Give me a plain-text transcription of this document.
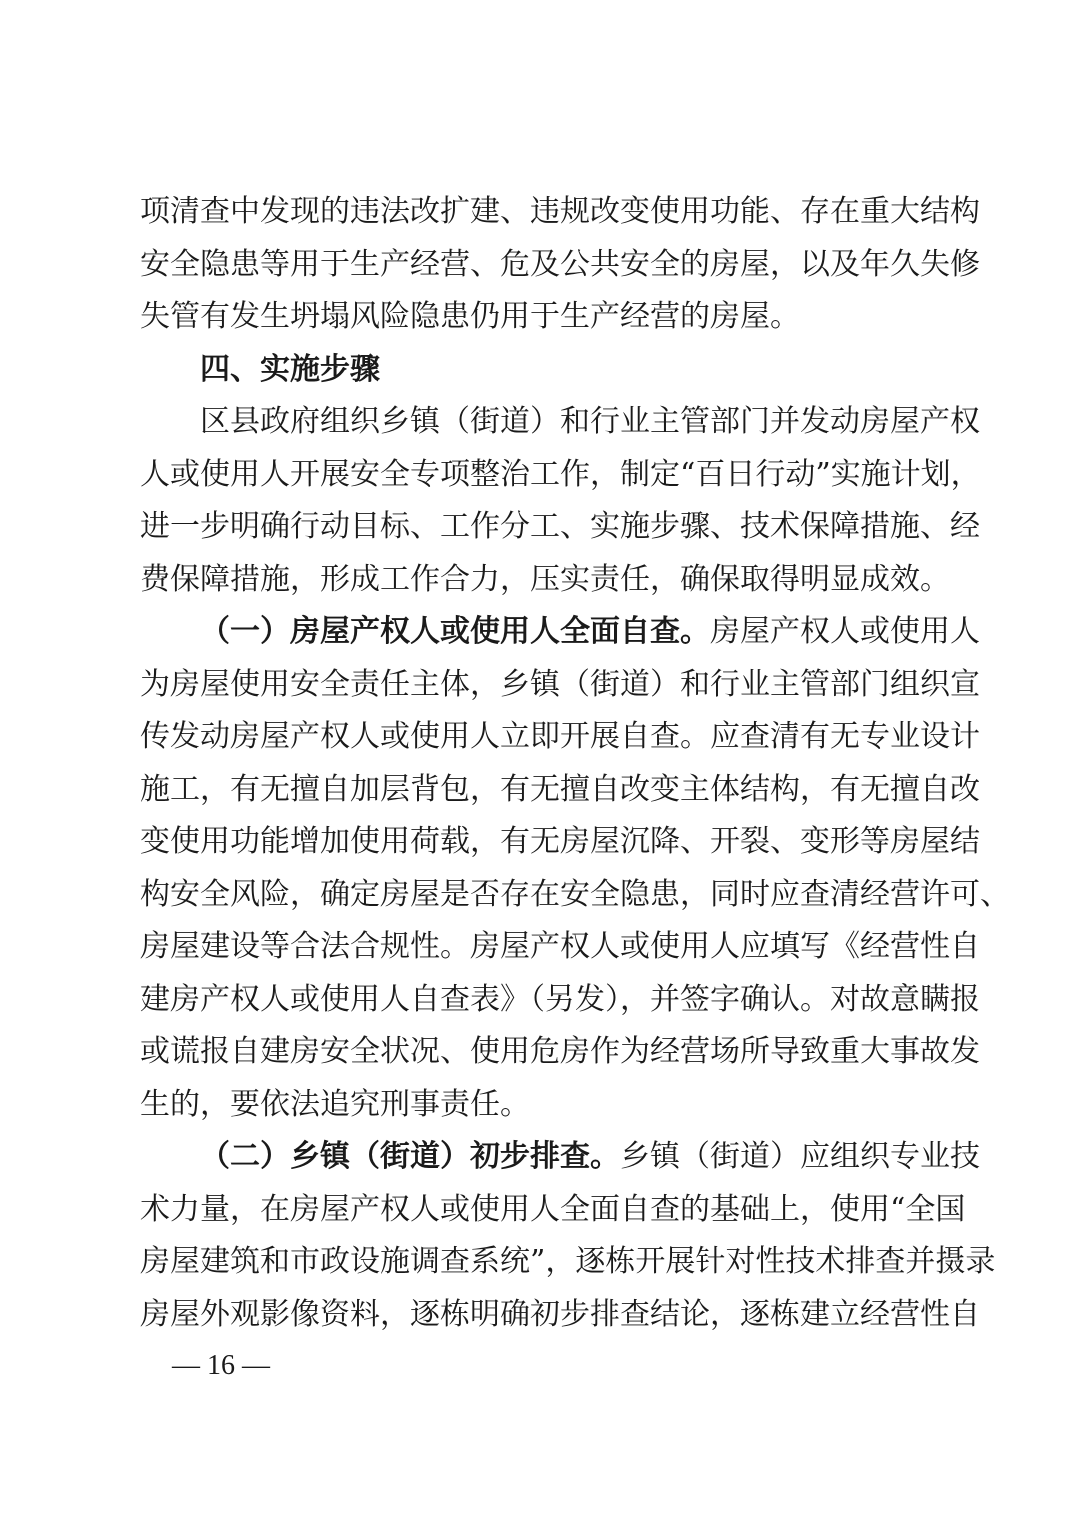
项清查中发现的违法改扩建、违规改变使用功能、存在重大结构
安全隐患等用于生产经营、危及公共安全的房屋，以及年久失修
失管有发生坍塌风险隐患仍用于生产经营的房屋。
四、实施步骤
区县政府组织乡镇（街道）和行业主管部门并发动房屋产权
人或使用人开展安全专项整治工作，制定“百日行动”实施计划，
进一步明确行动目标、工作分工、实施步骤、技术保障措施、经
费保障措施，形成工作合力，压实责任，确保取得明显成效。
（一）房屋产权人或使用人全面自查。房屋产权人或使用人
为房屋使用安全责任主体，乡镇（街道）和行业主管部门组织宣
传发动房屋产权人或使用人立即开展自查。应查清有无专业设计
施工，有无擅自加层背包，有无擅自改变主体结构，有无擅自改
变使用功能增加使用荷载，有无房屋沉降、开裂、变形等房屋结
构安全风险，确定房屋是否存在安全隐患，同时应查清经营许可、
房屋建设等合法合规性。房屋产权人或使用人应填写《经营性自
建房产权人或使用人自查表》（另发），并签字确认。对故意瞒报
或谎报自建房安全状况、使用危房作为经营场所导致重大事故发
生的，要依法追究刑事责任。
（二）乡镇（街道）初步排查。乡镇（街道）应组织专业技
术力量，在房屋产权人或使用人全面自查的基础上，使用“全国
房屋建筑和市政设施调查系统”，逐栋开展针对性技术排查并摄录
房屋外观影像资料，逐栋明确初步排查结论，逐栋建立经营性自
— 16 —
